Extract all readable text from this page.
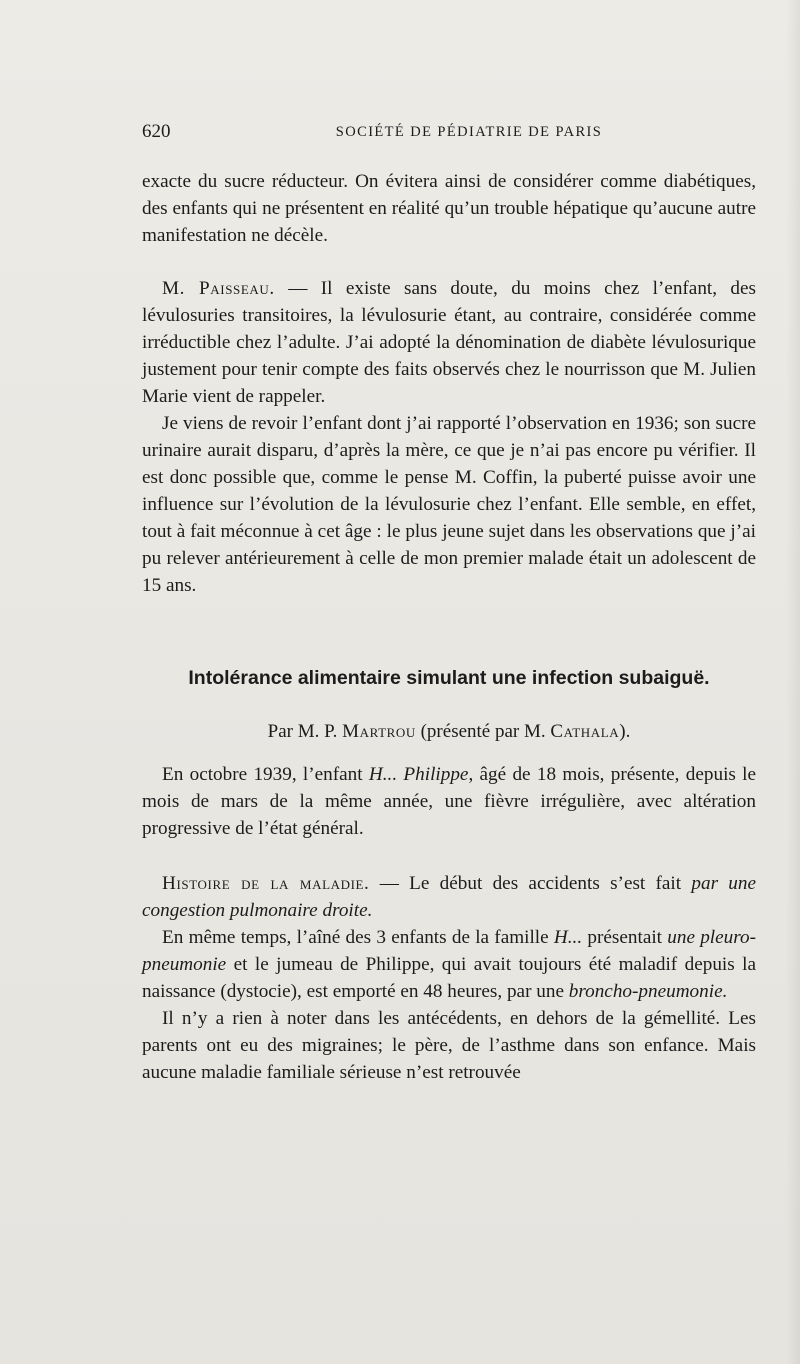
620	SOCIÉTÉ DE PÉDIATRIE DE PARIS

exacte du sucre réducteur. On évitera ainsi de considérer comme diabétiques, des enfants qui ne présentent en réalité qu’un trouble hépatique qu’aucune autre manifestation ne décèle.

M. Paisseau. — Il existe sans doute, du moins chez l’enfant, des lévulosuries transitoires, la lévulosurie étant, au contraire, considérée comme irréductible chez l’adulte. J’ai adopté la dénomination de diabète lévulosurique justement pour tenir compte des faits observés chez le nourrisson que M. Julien Marie vient de rappeler.

Je viens de revoir l’enfant dont j’ai rapporté l’observation en 1936; son sucre urinaire aurait disparu, d’après la mère, ce que je n’ai pas encore pu vérifier. Il est donc possible que, comme le pense M. Coffin, la puberté puisse avoir une influence sur l’évolution de la lévulosurie chez l’enfant. Elle semble, en effet, tout à fait méconnue à cet âge : le plus jeune sujet dans les observations que j’ai pu relever antérieurement à celle de mon premier malade était un adolescent de 15 ans.

Intolérance alimentaire simulant une infection subaiguë.
Par M. P. Martrou (présenté par M. Cathala).

En octobre 1939, l’enfant H... Philippe, âgé de 18 mois, présente, depuis le mois de mars de la même année, une fièvre irrégulière, avec altération progressive de l’état général.

Histoire de la maladie. — Le début des accidents s’est fait par une congestion pulmonaire droite.

En même temps, l’aîné des 3 enfants de la famille H... présentait une pleuro-pneumonie et le jumeau de Philippe, qui avait toujours été maladif depuis la naissance (dystocie), est emporté en 48 heures, par une broncho-pneumonie.

Il n’y a rien à noter dans les antécédents, en dehors de la gémellité. Les parents ont eu des migraines; le père, de l’asthme dans son enfance. Mais aucune maladie familiale sérieuse n’est retrouvée
